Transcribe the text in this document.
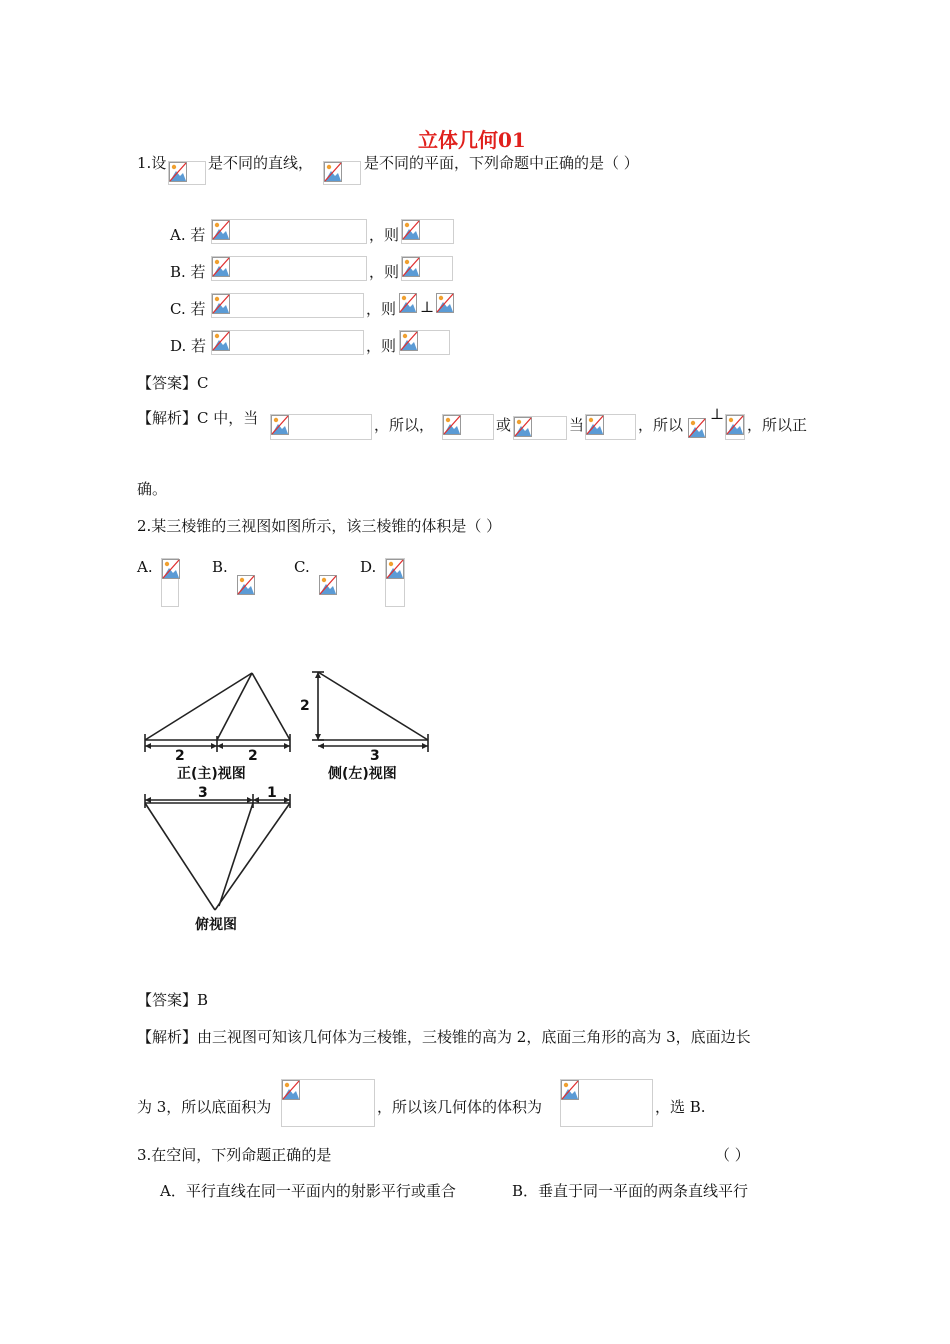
立体几何01
1.设	是不同的直线，	是不同的平面，下列命题中正确的是（ ）
A. 若	，则
B. 若	，则
C. 若	，则 ⊥
D. 若	，则
【答案】C
【解析】C 中，当	，所以，	或	当	，所以
⊥
，所以正
确。
2.某三棱锥的三视图如图所示，该三棱锥的体积是（ ）
A.	B.	C.	D.
2	2
正(主)视图
2
3
侧(左)视图
3	1
俯视图
【答案】B
【解析】由三视图可知该几何体为三棱锥，三棱锥的高为 2，底面三角形的高为 3，底面边长
为 3，所以底面积为	，所以该几何体的体积为	，选 B.
3.在空间，下列命题正确的是	（ ）
A．平行直线在同一平面内的射影平行或重合	B．垂直于同一平面的两条直线平行
